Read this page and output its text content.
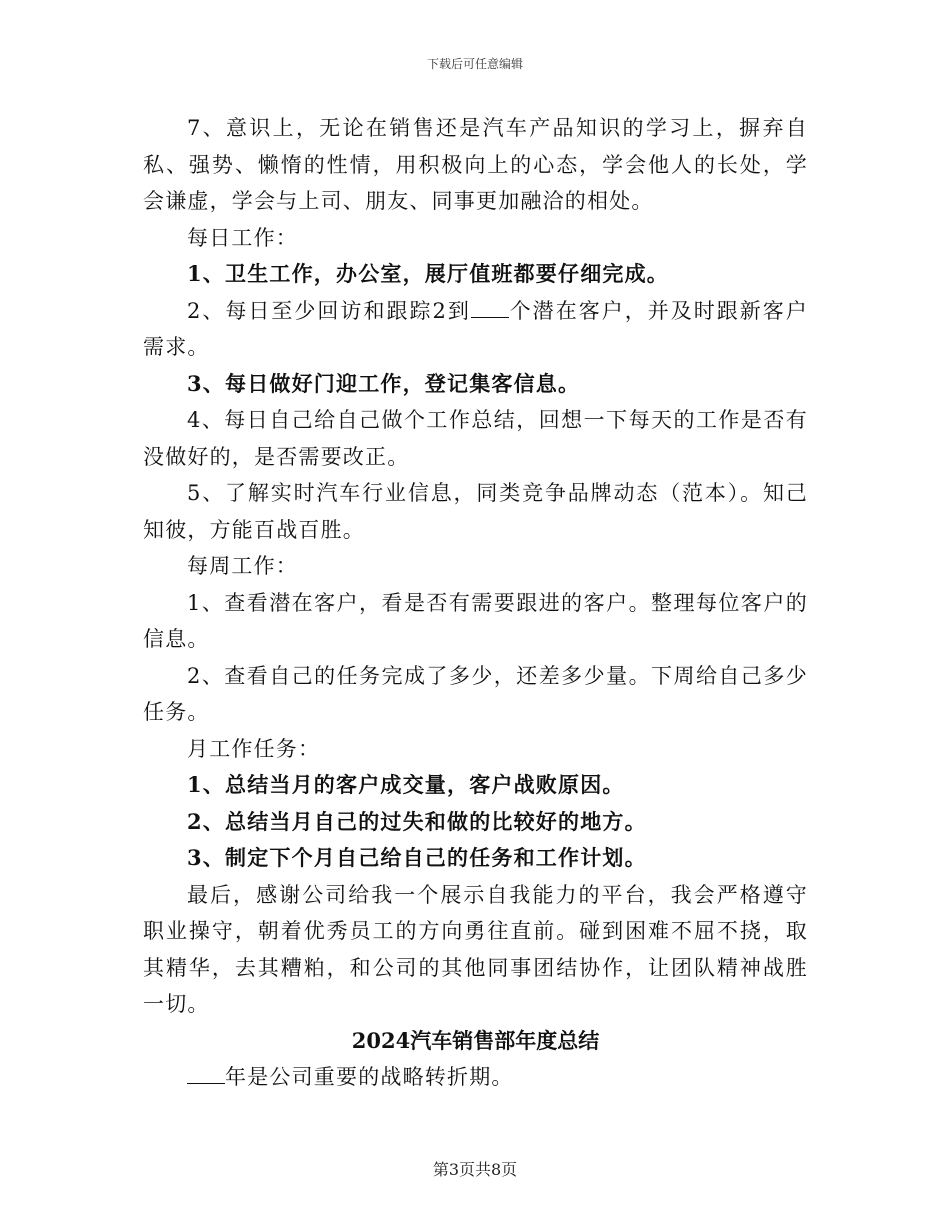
下载后可任意编辑

7、意识上，无论在销售还是汽车产品知识的学习上，摒弃自私、强势、懒惰的性情，用积极向上的心态，学会他人的长处，学会谦虚，学会与上司、朋友、同事更加融洽的相处。

每日工作：

1、卫生工作，办公室，展厅值班都要仔细完成。

2、每日至少回访和跟踪2到 个潜在客户，并及时跟新客户需求。

3、每日做好门迎工作，登记集客信息。

4、每日自己给自己做个工作总结，回想一下每天的工作是否有没做好的，是否需要改正。

5、了解实时汽车行业信息，同类竞争品牌动态（范本）。知己知彼，方能百战百胜。

每周工作：

1、查看潜在客户，看是否有需要跟进的客户。整理每位客户的信息。

2、查看自己的任务完成了多少，还差多少量。下周给自己多少任务。

月工作任务：

1、总结当月的客户成交量，客户战败原因。

2、总结当月自己的过失和做的比较好的地方。

3、制定下个月自己给自己的任务和工作计划。

最后，感谢公司给我一个展示自我能力的平台，我会严格遵守职业操守，朝着优秀员工的方向勇往直前。碰到困难不屈不挠，取其精华，去其糟粕，和公司的其他同事团结协作，让团队精神战胜一切。

2024汽车销售部年度总结

年是公司重要的战略转折期。

第3页共8页
